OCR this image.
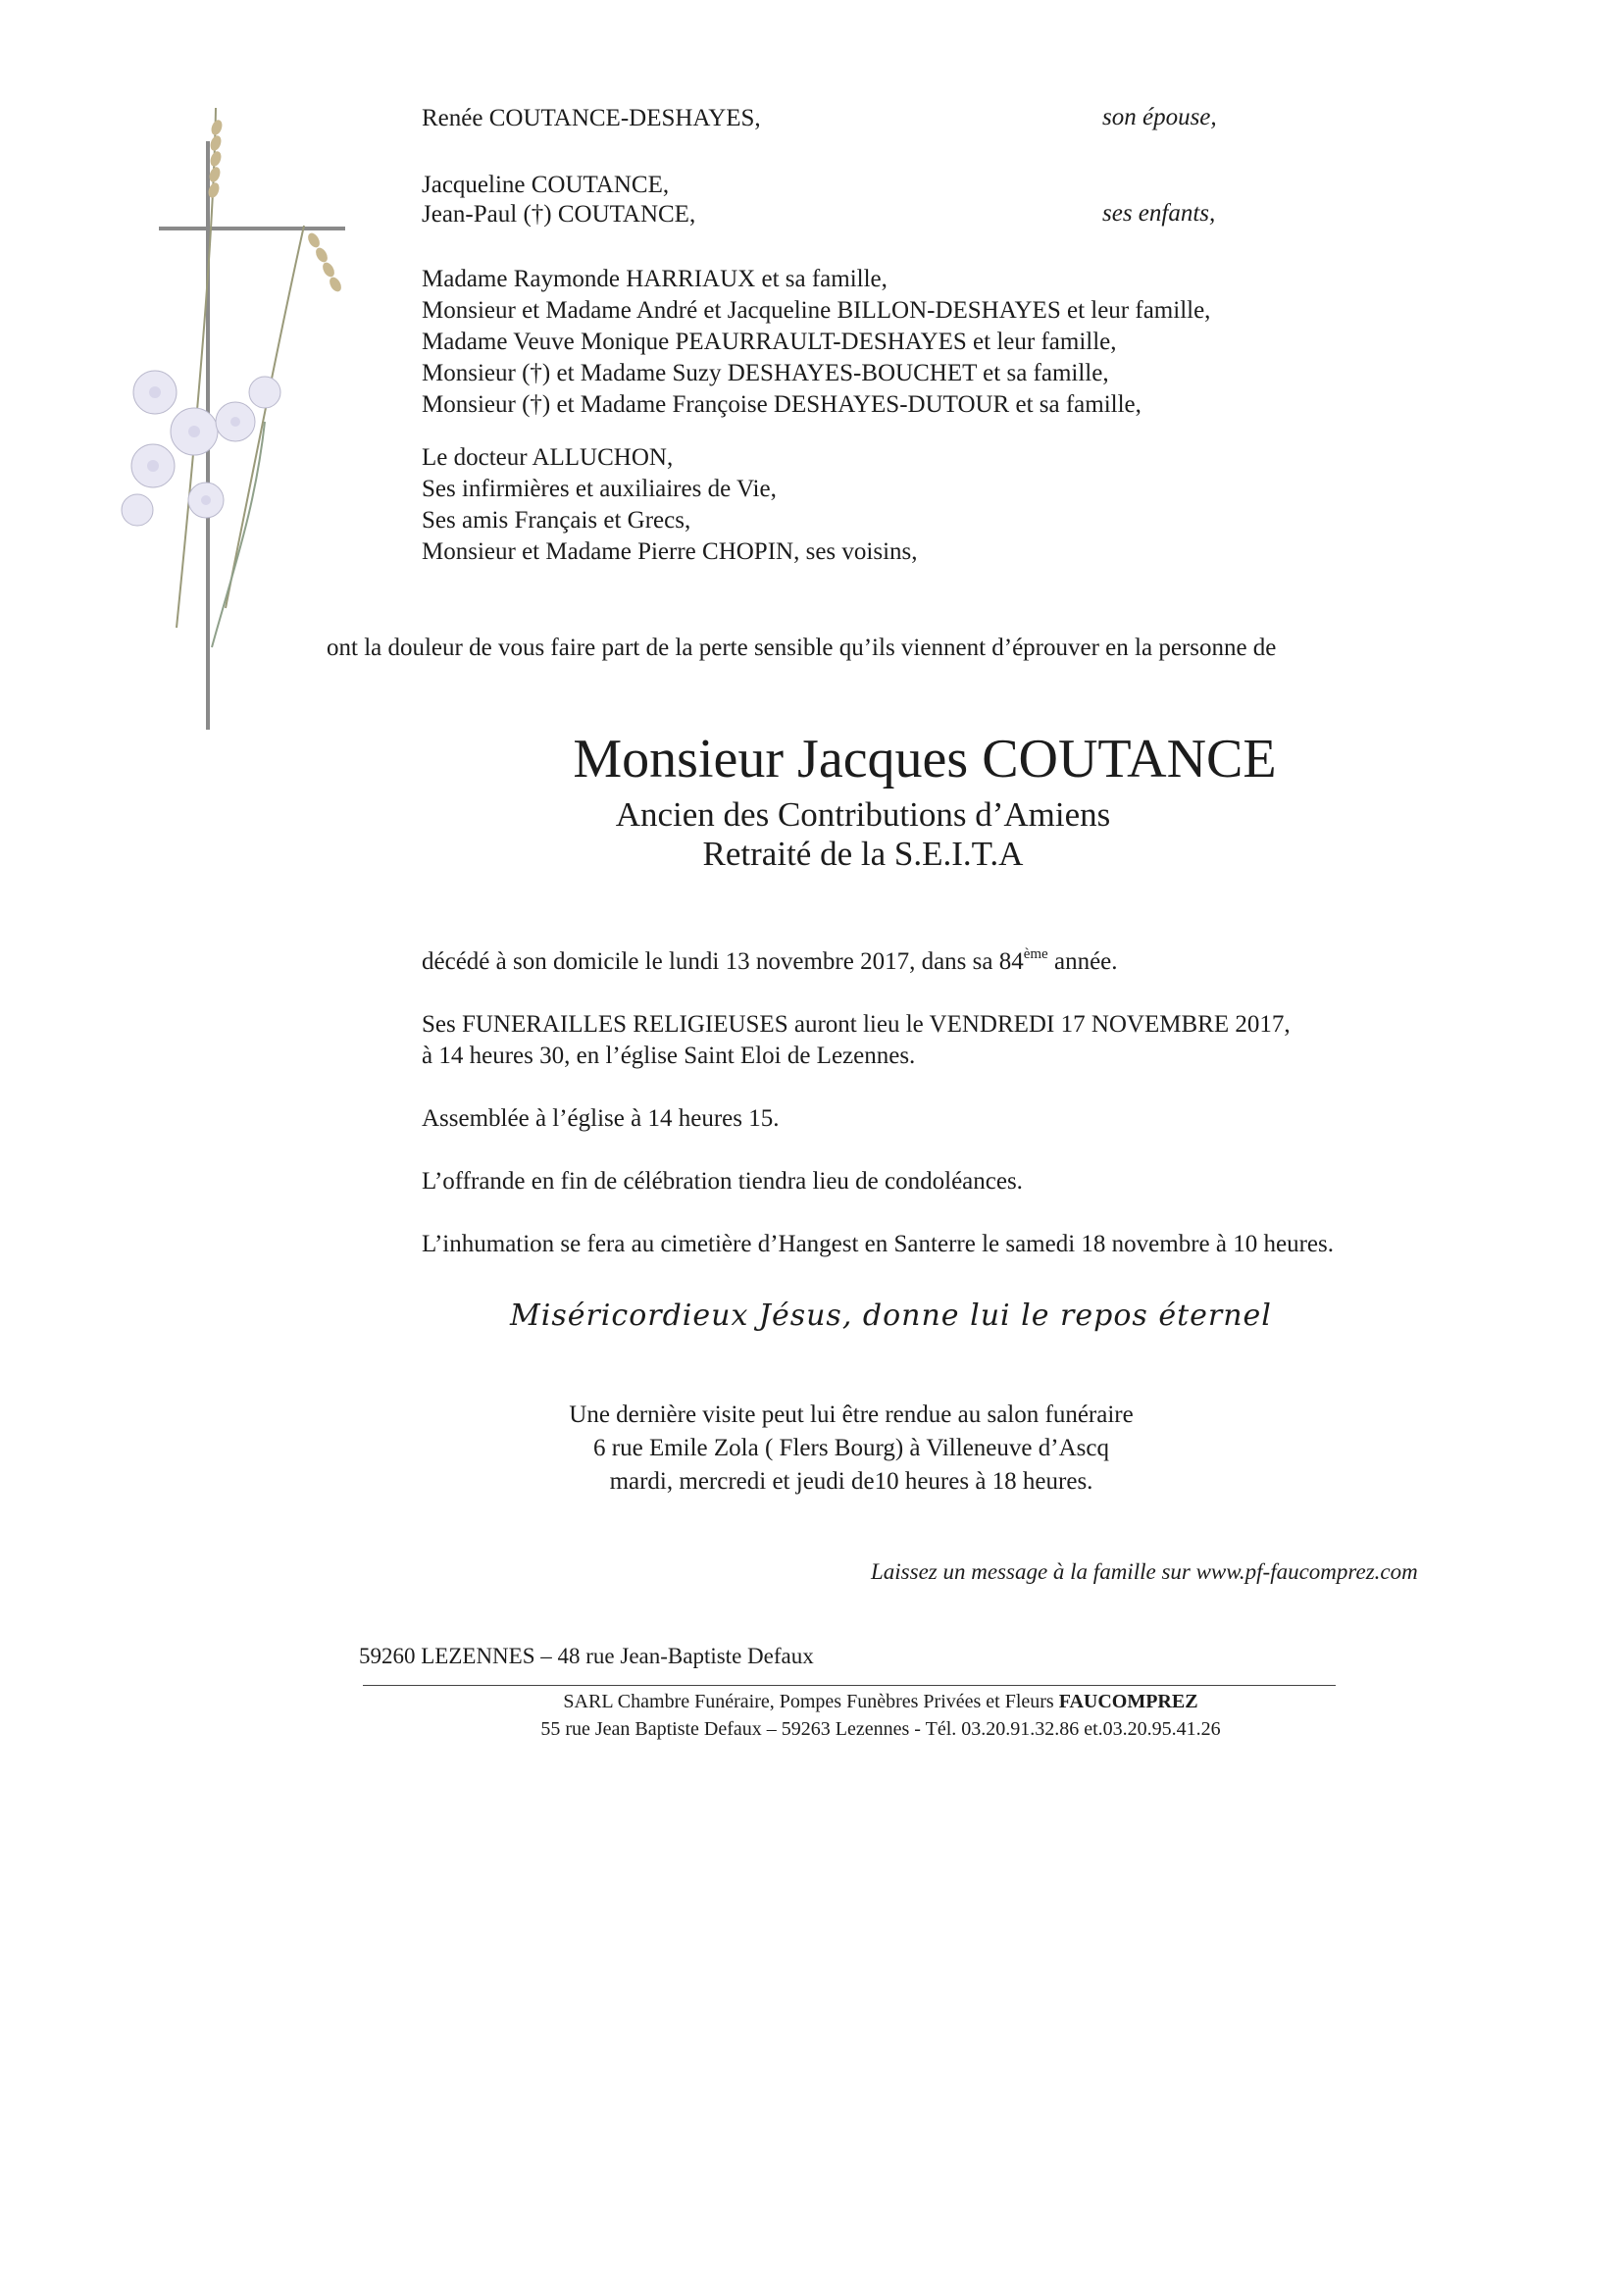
Renée COUTANCE-DESHAYES,	son épouse,
Jacqueline COUTANCE,
Jean-Paul (†) COUTANCE,	ses enfants,
Madame Raymonde HARRIAUX et sa famille,
Monsieur et Madame André et Jacqueline BILLON-DESHAYES et leur famille,
Madame Veuve Monique PEAURRAULT-DESHAYES et leur famille,
Monsieur (†) et Madame Suzy DESHAYES-BOUCHET et sa famille,
Monsieur (†) et Madame Françoise DESHAYES-DUTOUR et sa famille,
Le docteur ALLUCHON,
Ses infirmières et auxiliaires de Vie,
Ses amis Français et Grecs,
Monsieur et Madame Pierre CHOPIN, ses voisins,
ont la douleur de vous faire part de la perte sensible qu’ils viennent d’éprouver en la personne de
Monsieur Jacques COUTANCE
Ancien des Contributions d’Amiens
Retraité de la S.E.I.T.A
décédé à son domicile le lundi 13 novembre 2017, dans sa 84ème année.
Ses FUNERAILLES RELIGIEUSES auront lieu le VENDREDI 17 NOVEMBRE 2017,
à 14 heures 30, en l’église Saint Eloi de Lezennes.
Assemblée à l’église à 14 heures 15.
L’offrande en fin de célébration tiendra lieu de condoléances.
L’inhumation se fera au cimetière d’Hangest en Santerre le samedi 18 novembre à 10 heures.
Miséricordieux Jésus, donne lui le repos éternel
Une dernière visite peut lui être rendue au salon funéraire
6 rue Emile Zola ( Flers Bourg) à Villeneuve d’Ascq
mardi, mercredi et jeudi de10 heures à 18 heures.
Laissez un message à la famille sur www.pf-faucomprez.com
59260 LEZENNES – 48 rue Jean-Baptiste Defaux
SARL Chambre Funéraire, Pompes Funèbres Privées et Fleurs FAUCOMPREZ
55 rue Jean Baptiste Defaux – 59263 Lezennes - Tél. 03.20.91.32.86 et.03.20.95.41.26
